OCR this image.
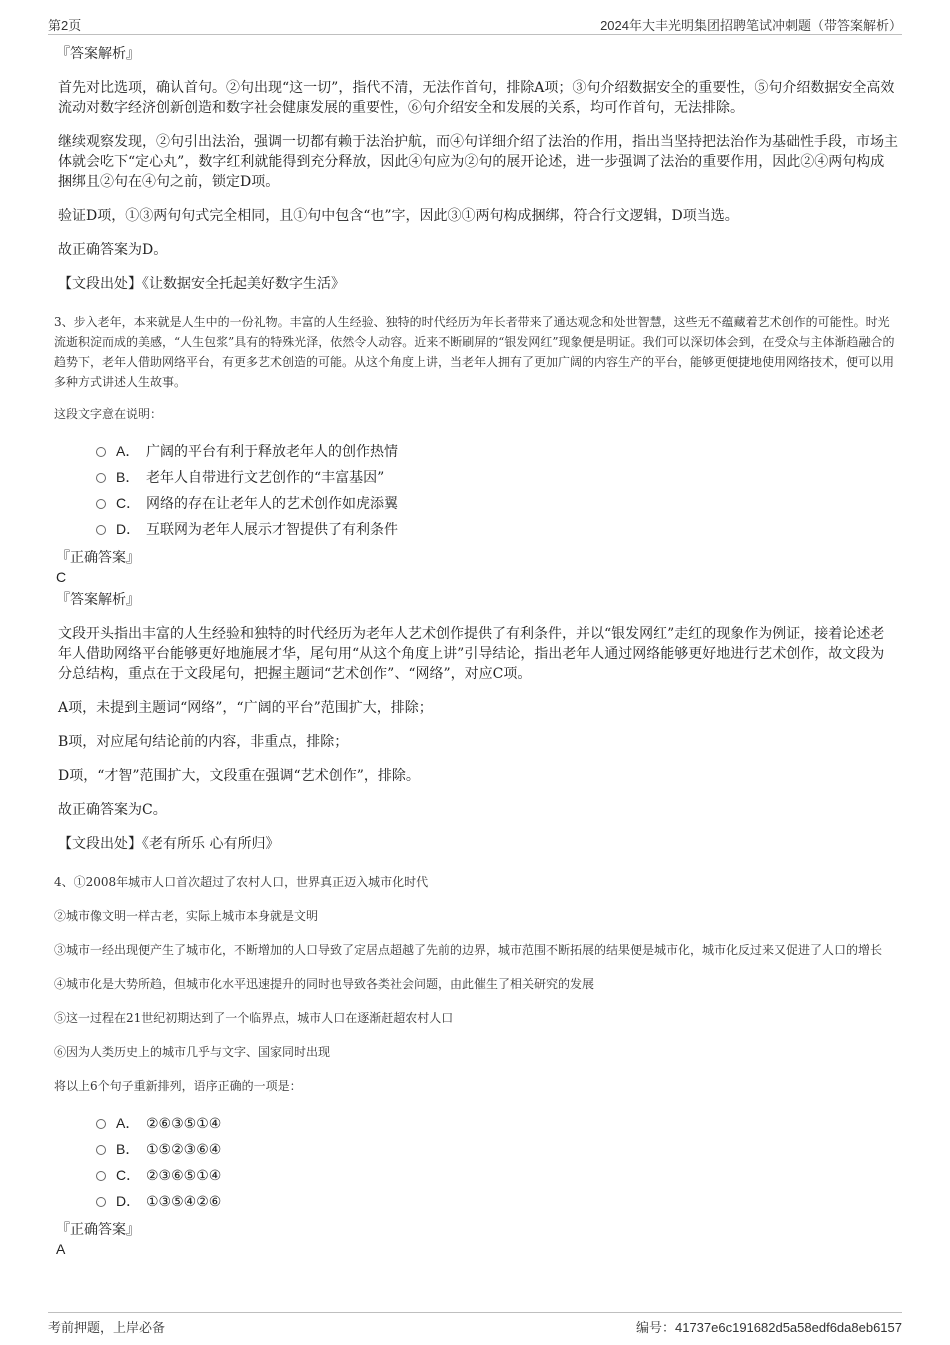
第2页	2024年大丰光明集团招聘笔试冲刺题（带答案解析）
『答案解析』

首先对比选项，确认首句。②句出现“这一切”，指代不清，无法作首句，排除A项；③句介绍数据安全的重要性，⑤句介绍数据安全高效流动对数字经济创新创造和数字社会健康发展的重要性，⑥句介绍安全和发展的关系，均可作首句，无法排除。

继续观察发现，②句引出法治，强调一切都有赖于法治护航，而④句详细介绍了法治的作用，指出当坚持把法治作为基础性手段，市场主体就会吃下“定心丸”，数字红利就能得到充分释放，因此④句应为②句的展开论述，进一步强调了法治的重要作用，因此②④两句构成捆绑且②句在④句之前，锁定D项。

验证D项，①③两句句式完全相同，且①句中包含“也”字，因此③①两句构成捆绑，符合行文逻辑，D项当选。

故正确答案为D。

【文段出处】《让数据安全托起美好数字生活》

3、步入老年，本来就是人生中的一份礼物。丰富的人生经验、独特的时代经历为年长者带来了通达观念和处世智慧，这些无不蕴藏着艺术创作的可能性。时光流逝积淀而成的美感，“人生包浆”具有的特殊光泽，依然令人动容。近来不断刷屏的“银发网红”现象便是明证。我们可以深切体会到，在受众与主体渐趋融合的趋势下，老年人借助网络平台，有更多艺术创造的可能。从这个角度上讲，当老年人拥有了更加广阔的内容生产的平台，能够更便捷地使用网络技术，便可以用多种方式讲述人生故事。

这段文字意在说明：

A． 广阔的平台有利于释放老年人的创作热情
B． 老年人自带进行文艺创作的“丰富基因”
C． 网络的存在让老年人的艺术创作如虎添翼
D． 互联网为老年人展示才智提供了有利条件
『正确答案』
C
『答案解析』

文段开头指出丰富的人生经验和独特的时代经历为老年人艺术创作提供了有利条件，并以“银发网红”走红的现象作为例证，接着论述老年人借助网络平台能够更好地施展才华，尾句用“从这个角度上讲”引导结论，指出老年人通过网络能够更好地进行艺术创作，故文段为分总结构，重点在于文段尾句，把握主题词“艺术创作”、“网络”，对应C项。

A项，未提到主题词“网络”，“广阔的平台”范围扩大，排除；

B项，对应尾句结论前的内容，非重点，排除；

D项，“才智”范围扩大，文段重在强调“艺术创作”，排除。

故正确答案为C。

【文段出处】《老有所乐 心有所归》

4、①2008年城市人口首次超过了农村人口，世界真正迈入城市化时代

②城市像文明一样古老，实际上城市本身就是文明

③城市一经出现便产生了城市化，不断增加的人口导致了定居点超越了先前的边界，城市范围不断拓展的结果便是城市化，城市化反过来又促进了人口的增长

④城市化是大势所趋，但城市化水平迅速提升的同时也导致各类社会问题，由此催生了相关研究的发展

⑤这一过程在21世纪初期达到了一个临界点，城市人口在逐渐赶超农村人口

⑥因为人类历史上的城市几乎与文字、国家同时出现

将以上6个句子重新排列，语序正确的一项是：

A． ②⑥③⑤①④
B． ①⑤②③⑥④
C． ②③⑥⑤①④
D． ①③⑤④②⑥
『正确答案』
A
考前押题，上岸必备	编号：41737e6c191682d5a58edf6da8eb6157
